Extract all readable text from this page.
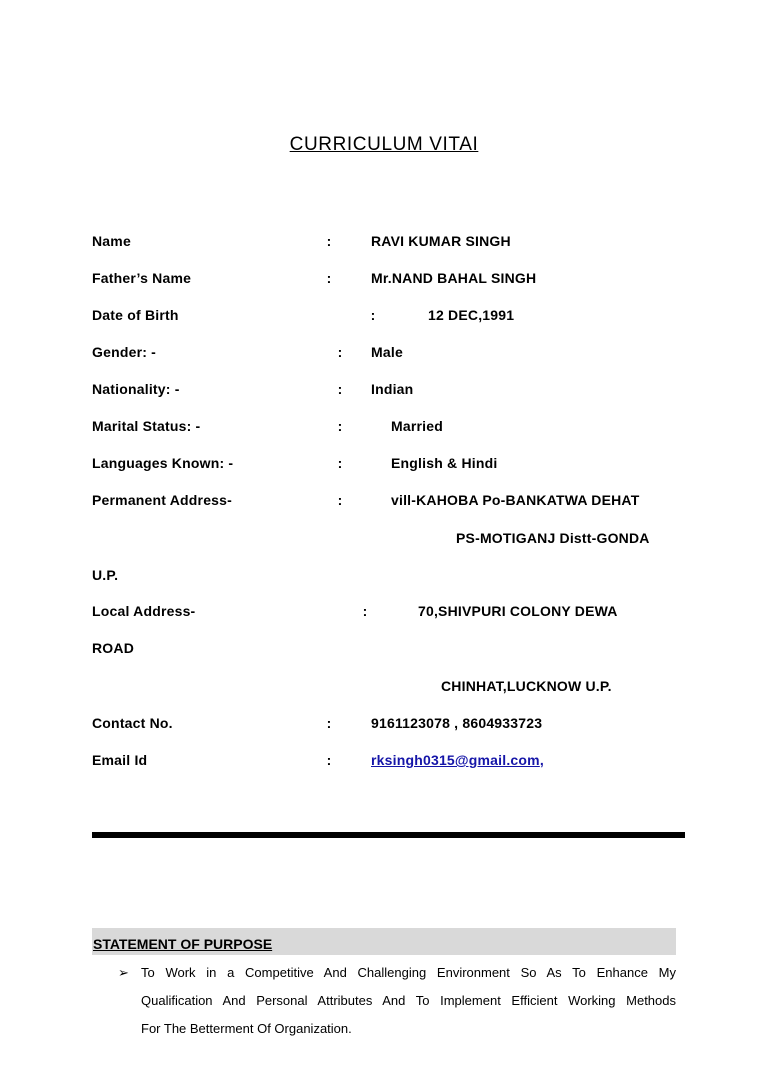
CURRICULUM VITAI
Name	:	RAVI KUMAR SINGH
Father’s Name	:	Mr.NAND BAHAL SINGH
Date of Birth	:	12 DEC,1991
Gender: -	:	Male
Nationality: -	:	Indian
Marital Status: -	:	Married
Languages Known: -	:	English & Hindi
Permanent Address-	:	vill-KAHOBA Po-BANKATWA DEHAT
PS-MOTIGANJ Distt-GONDA
U.P.
Local Address-	:	70,SHIVPURI COLONY DEWA
ROAD
CHINHAT,LUCKNOW U.P.
Contact No.	:	9161123078 , 8604933723
Email Id	:	rksingh0315@gmail.com,
STATEMENT OF PURPOSE
➢ To Work in a Competitive And Challenging Environment So As To Enhance My
Qualification And Personal Attributes And To Implement Efficient Working Methods
For The Betterment Of Organization.
